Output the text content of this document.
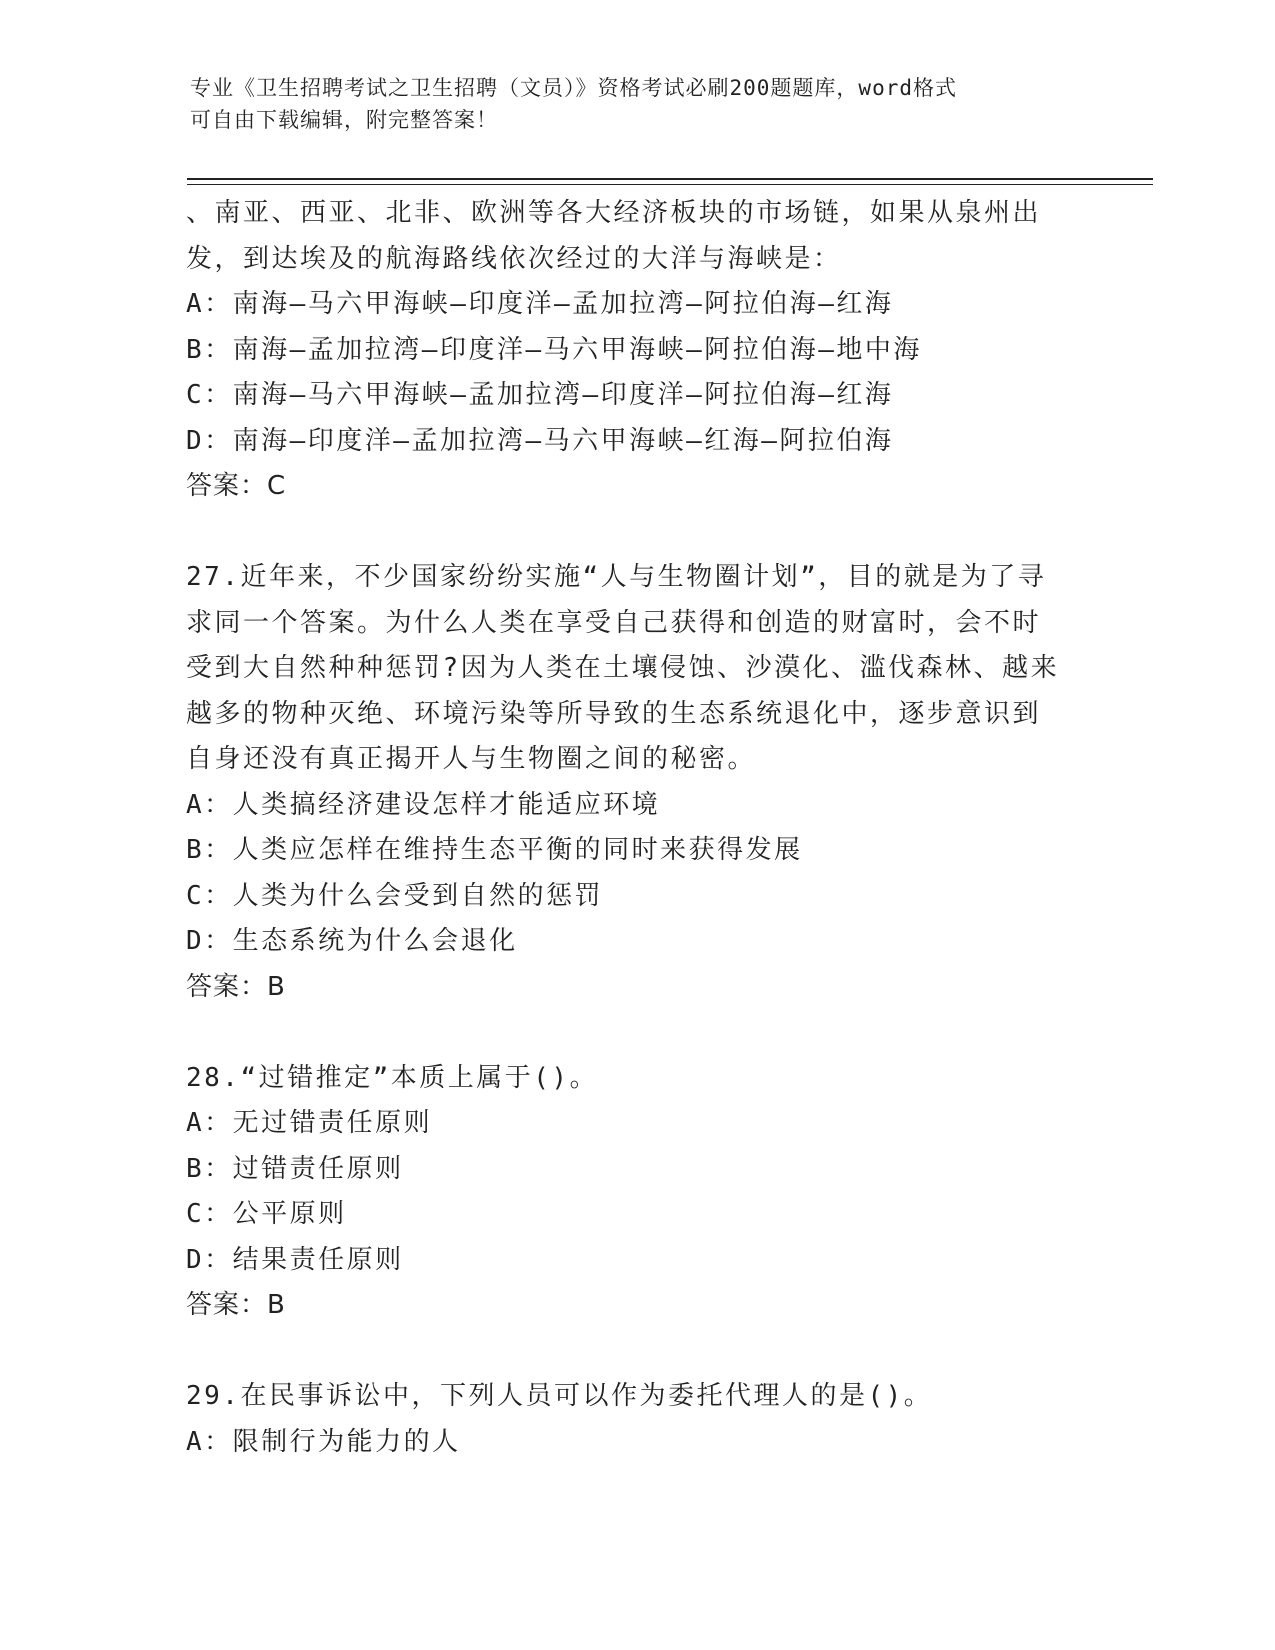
专业《卫生招聘考试之卫生招聘（文员）》资格考试必刷200题题库，word格式
可自由下载编辑，附完整答案！
、南亚、西亚、北非、欧洲等各大经济板块的市场链，如果从泉州出
发，到达埃及的航海路线依次经过的大洋与海峡是：
A：南海—马六甲海峡—印度洋—孟加拉湾—阿拉伯海—红海
B：南海—孟加拉湾—印度洋—马六甲海峡—阿拉伯海—地中海
C：南海—马六甲海峡—孟加拉湾—印度洋—阿拉伯海—红海
D：南海—印度洋—孟加拉湾—马六甲海峡—红海—阿拉伯海
答案：C
27.近年来，不少国家纷纷实施“人与生物圈计划”，目的就是为了寻
求同一个答案。为什么人类在享受自己获得和创造的财富时，会不时
受到大自然种种惩罚?因为人类在土壤侵蚀、沙漠化、滥伐森林、越来
越多的物种灭绝、环境污染等所导致的生态系统退化中，逐步意识到
自身还没有真正揭开人与生物圈之间的秘密。
A：人类搞经济建设怎样才能适应环境
B：人类应怎样在维持生态平衡的同时来获得发展
C：人类为什么会受到自然的惩罚
D：生态系统为什么会退化
答案：B
28.“过错推定”本质上属于()。
A：无过错责任原则
B：过错责任原则
C：公平原则
D：结果责任原则
答案：B
29.在民事诉讼中，下列人员可以作为委托代理人的是()。
A：限制行为能力的人
